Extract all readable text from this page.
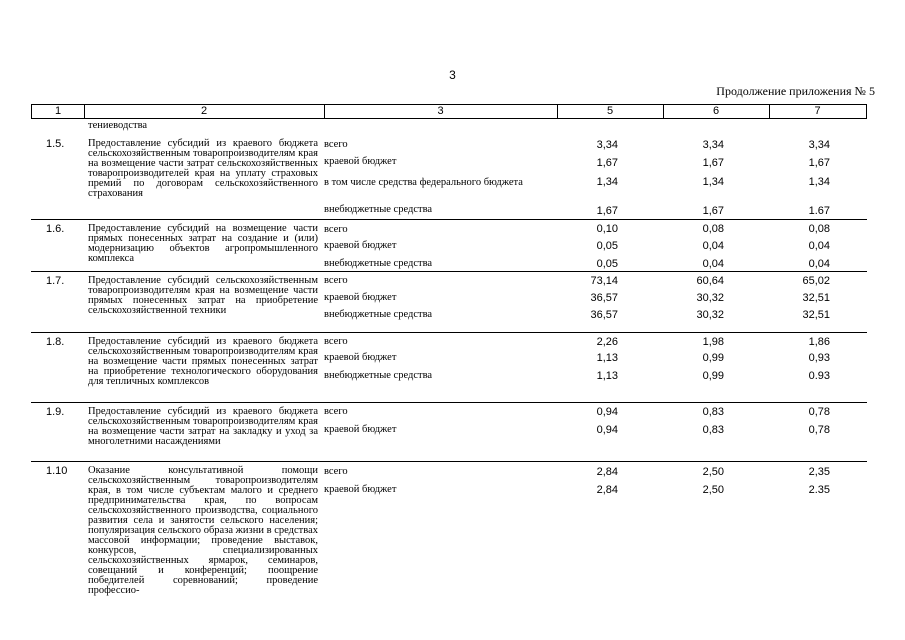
3
Продолжение приложения № 5
1	2	3	5	6	7
тениеводства
1.5. Предоставление субсидий из краевого бюджета сельскохозяйственным товаропроизводителям края на возмещение части затрат сельскохозяйственных товаропроизводителей края на уплату страховых премий по договорам сельскохозяйственного страхования
всего	3,34	3,34	3,34
краевой бюджет	1,67	1,67	1,67
в том числе средства федерального бюджета	1,34	1,34	1,34
внебюджетные средства	1,67	1,67	1.67
1.6. Предоставление субсидий на возмещение части прямых понесенных затрат на создание и (или) модернизацию объектов агропромышленного комплекса
всего	0,10	0,08	0,08
краевой бюджет	0,05	0,04	0,04
внебюджетные средства	0,05	0,04	0,04
1.7. Предоставление субсидий сельскохозяйственным товаропроизводителям края на возмещение части прямых понесенных затрат на приобретение сельскохозяйственной техники
всего	73,14	60,64	65,02
краевой бюджет	36,57	30,32	32,51
внебюджетные средства	36,57	30,32	32,51
1.8. Предоставление субсидий из краевого бюджета сельскохозяйственным товаропроизводителям края на возмещение части прямых понесенных затрат на приобретение технологического оборудования для тепличных комплексов
всего	2,26	1,98	1,86
краевой бюджет	1,13	0,99	0,93
внебюджетные средства	1,13	0,99	0.93
1.9. Предоставление субсидий из краевого бюджета сельскохозяйственным товаропроизводителям края на возмещение части затрат на закладку и уход за многолетними насаждениями
всего	0,94	0,83	0,78
краевой бюджет	0,94	0,83	0,78
1.10 Оказание консультативной помощи сельскохозяйственным товаропроизводителям края, в том числе субъектам малого и среднего предпринимательства края, по вопросам сельскохозяйственного производства, социального развития села и занятости сельского населения; популяризация сельского образа жизни в средствах массовой информации; проведение выставок, конкурсов, специализированных сельскохозяйственных ярмарок, семинаров, совещаний и конференций; поощрение победителей соревнований; проведение профессио-
всего	2,84	2,50	2,35
краевой бюджет	2,84	2,50	2.35
